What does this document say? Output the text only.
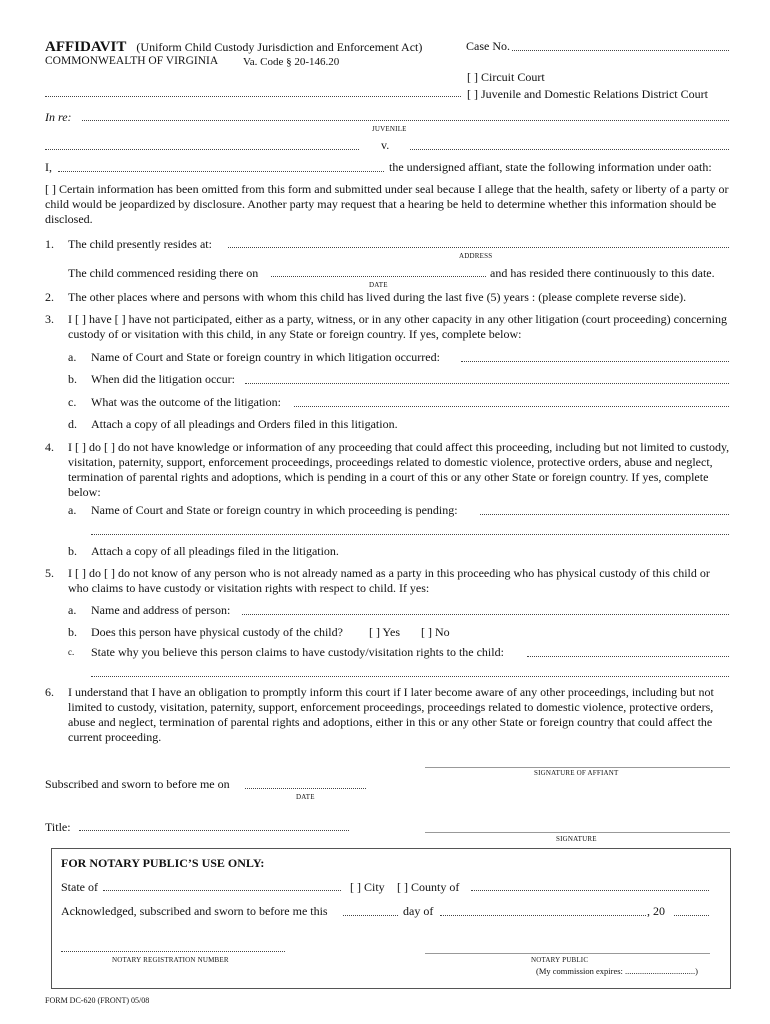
AFFIDAVIT (Uniform Child Custody Jurisdiction and Enforcement Act)
COMMONWEALTH OF VIRGINIA Va. Code § 20-146.20
Case No.
[ ] Circuit Court
[ ] Juvenile and Domestic Relations District Court
In re:
JUVENILE
v.
I,	the undersigned affiant, state the following information under oath:
[ ] Certain information has been omitted from this form and submitted under seal because I allege that the health, safety or liberty of a party or child would be jeopardized by disclosure. Another party may request that a hearing be held to determine whether this information should be disclosed.
1. The child presently resides at:
ADDRESS
The child commenced residing there on	and has resided there continuously to this date.
DATE
2. The other places where and persons with whom this child has lived during the last five (5) years : (please complete reverse side).
3. I [ ] have [ ] have not participated, either as a party, witness, or in any other capacity in any other litigation (court proceeding) concerning custody of or visitation with this child, in any State or foreign country. If yes, complete below:
a. Name of Court and State or foreign country in which litigation occurred:
b. When did the litigation occur:
c. What was the outcome of the litigation:
d. Attach a copy of all pleadings and Orders filed in this litigation.
4. I [ ] do [ ] do not have knowledge or information of any proceeding that could affect this proceeding, including but not limited to custody, visitation, paternity, support, enforcement proceedings, proceedings related to domestic violence, protective orders, abuse and neglect, termination of parental rights and adoptions, which is pending in a court of this or any other State or foreign country. If yes, complete below:
a. Name of Court and State or foreign country in which proceeding is pending:
b. Attach a copy of all pleadings filed in the litigation.
5. I [ ] do [ ] do not know of any person who is not already named as a party in this proceeding who has physical custody of this child or who claims to have custody or visitation rights with respect to child. If yes:
a. Name and address of person:
b. Does this person have physical custody of the child? [ ] Yes [ ] No
c. State why you believe this person claims to have custody/visitation rights to the child:
6. I understand that I have an obligation to promptly inform this court if I later become aware of any other proceedings, including but not limited to custody, visitation, paternity, support, enforcement proceedings, proceedings related to domestic violence, protective orders, abuse and neglect, termination of parental rights and adoptions, either in this or any other State or foreign country that could affect the current proceeding.
SIGNATURE OF AFFIANT
Subscribed and sworn to before me on
DATE
Title:
SIGNATURE
FOR NOTARY PUBLIC’S USE ONLY:
State of	[ ] City [ ] County of
Acknowledged, subscribed and sworn to before me this	day of	, 20
NOTARY REGISTRATION NUMBER	NOTARY PUBLIC
(My commission expires: .................................)
FORM DC-620 (FRONT) 05/08
